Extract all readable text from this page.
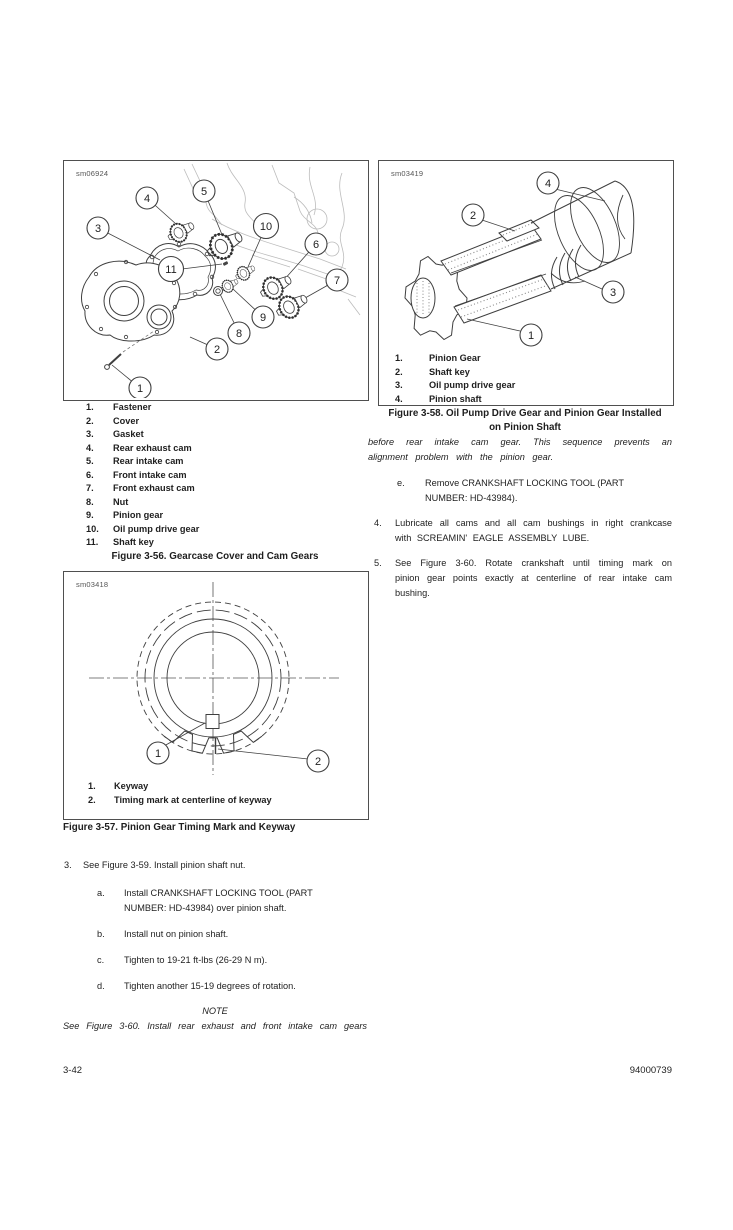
1
2
3
4
5
6
7
8
9
10
11
sm06924
1. Fastener
2. Cover
3. Gasket
4. Rear exhaust cam
5. Rear intake cam
6. Front intake cam
7. Front exhaust cam
8. Nut
9. Pinion gear
10. Oil pump drive gear
11. Shaft key
Figure 3-56. Gearcase Cover and Cam Gears
1
2
sm03418
1. Keyway
2. Timing mark at centerline of keyway
Figure 3-57. Pinion Gear Timing Mark and Keyway
3. See Figure 3-59. Install pinion shaft nut.
a. Install CRANKSHAFT LOCKING TOOL (PART NUMBER: HD-43984) over pinion shaft.
b. Install nut on pinion shaft.
c. Tighten to 19-21 ft-lbs (26-29 N m).
d. Tighten another 15-19 degrees of rotation.
NOTE
See Figure 3-60. Install rear exhaust and front intake cam gears
4
2
3
1
sm03419
1.	Pinion Gear
2.	Shaft key
3.	Oil pump drive gear
4.	Pinion shaft
Figure 3-58. Oil Pump Drive Gear and Pinion Gear Installed
on Pinion Shaft
before rear intake cam gear. This sequence prevents an alignment problem with the pinion gear.
e. Remove CRANKSHAFT LOCKING TOOL (PART NUMBER: HD-43984).
4. Lubricate all cams and all cam bushings in right crankcase with SCREAMIN' EAGLE ASSEMBLY LUBE.
5. See Figure 3-60. Rotate crankshaft until timing mark on pinion gear points exactly at centerline of rear intake cam bushing.
3-42	94000739
